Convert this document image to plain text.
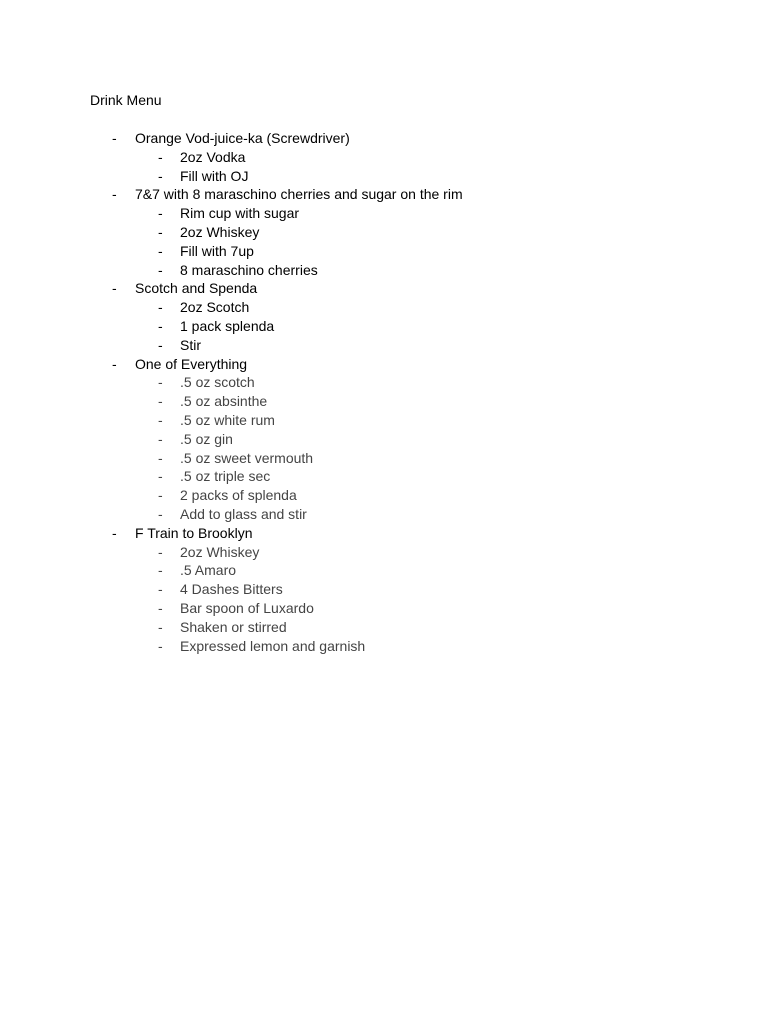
Drink Menu
- Orange Vod-juice-ka (Screwdriver)
- 2oz Vodka
- Fill with OJ
- 7&7 with 8 maraschino cherries and sugar on the rim
- Rim cup with sugar
- 2oz Whiskey
- Fill with 7up
- 8 maraschino cherries
- Scotch and Spenda
- 2oz Scotch
- 1 pack splenda
- Stir
- One of Everything
- .5 oz scotch
- .5 oz absinthe
- .5 oz white rum
- .5 oz gin
- .5 oz sweet vermouth
- .5 oz triple sec
- 2 packs of splenda
- Add to glass and stir
- F Train to Brooklyn
- 2oz Whiskey
- .5 Amaro
- 4 Dashes Bitters
- Bar spoon of Luxardo
- Shaken or stirred
- Expressed lemon and garnish
